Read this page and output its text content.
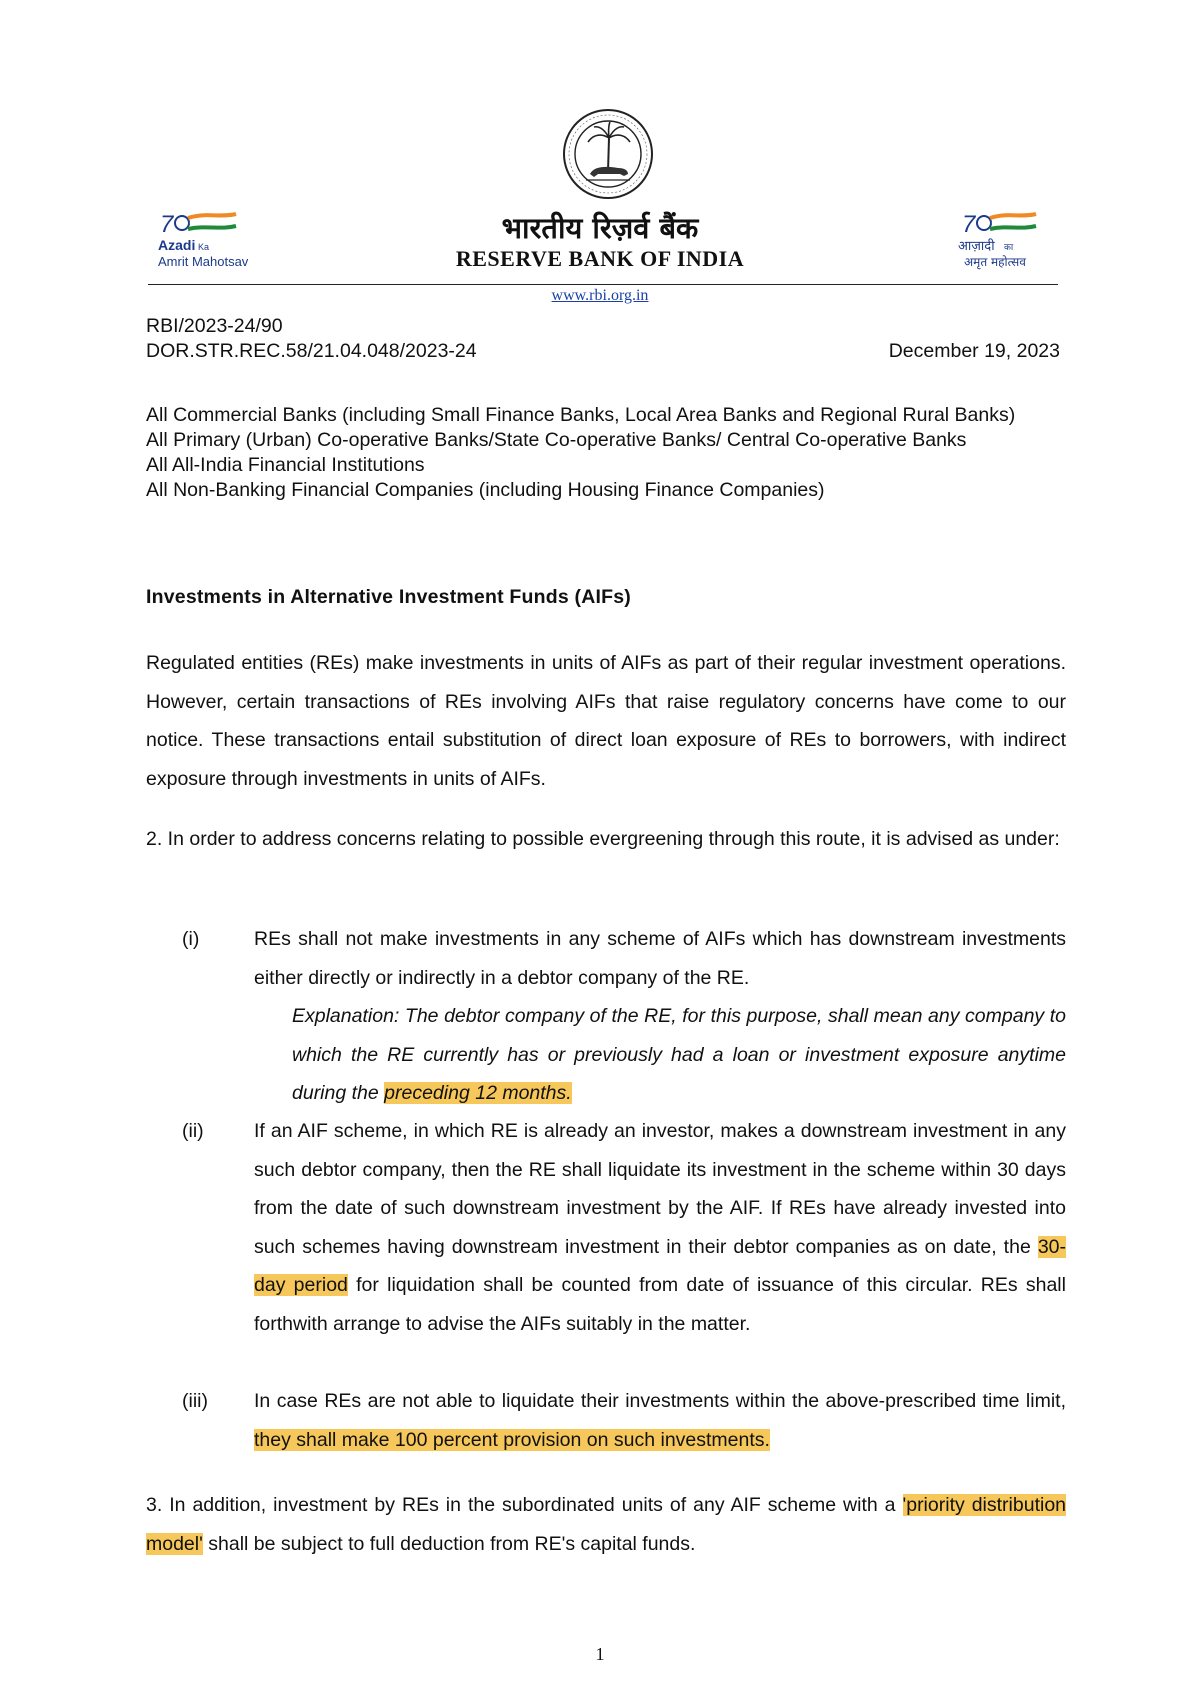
7
Azadi Ka
Amrit Mahotsav
7
आज़ादी का
अमृत महोत्सव
भारतीय रिज़र्व बैंक
RESERVE BANK OF INDIA
www.rbi.org.in
RBI/2023-24/90
DOR.STR.REC.58/21.04.048/2023-24	December 19, 2023
All Commercial Banks (including Small Finance Banks, Local Area Banks and Regional Rural Banks)
All Primary (Urban) Co-operative Banks/State Co-operative Banks/ Central Co-operative Banks
All All-India Financial Institutions
All Non-Banking Financial Companies (including Housing Finance Companies)
Investments in Alternative Investment Funds (AIFs)
Regulated entities (REs) make investments in units of AIFs as part of their regular investment operations. However, certain transactions of REs involving AIFs that raise regulatory concerns have come to our notice. These transactions entail substitution of direct loan exposure of REs to borrowers, with indirect exposure through investments in units of AIFs.
2. In order to address concerns relating to possible evergreening through this route, it is advised as under:
(i)	REs shall not make investments in any scheme of AIFs which has downstream investments either directly or indirectly in a debtor company of the RE.
Explanation: The debtor company of the RE, for this purpose, shall mean any company to which the RE currently has or previously had a loan or investment exposure anytime during the preceding 12 months.
(ii)	If an AIF scheme, in which RE is already an investor, makes a downstream investment in any such debtor company, then the RE shall liquidate its investment in the scheme within 30 days from the date of such downstream investment by the AIF. If REs have already invested into such schemes having downstream investment in their debtor companies as on date, the 30-day period for liquidation shall be counted from date of issuance of this circular. REs shall forthwith arrange to advise the AIFs suitably in the matter.
(iii) In case REs are not able to liquidate their investments within the above-prescribed time limit, they shall make 100 percent provision on such investments.
3. In addition, investment by REs in the subordinated units of any AIF scheme with a 'priority distribution model' shall be subject to full deduction from RE's capital funds.
1
